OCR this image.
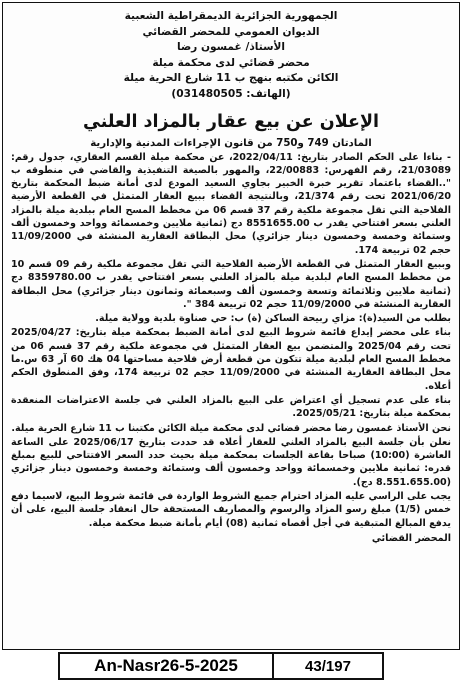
الجمهورية الجزائرية الديمقراطية الشعبية
الديوان العمومي للمحضر القضائي
الأستاذ/ غمسون رضا
محضر قضائي لدى محكمة ميلة
الكائن مكتبه بنهج ب 11 شارع الحرية ميلة
(الهاتف: 031480505)
الإعلان عن بيع عقار بالمزاد العلني
المادتان 749 و750 من قانون الإجراءات المدنية والإدارية

- بناءا على الحكم الصادر بتاريخ: 2022/04/11، عن محكمة ميلة القسم العقاري، جدول رقم: 21/03089، رقم الفهرس: 22/00883، والمهور بالصيغة التنفيذية والقاضي في منطوقه ب "..القضاء باعتماد تقرير خبرة الخبير بجاوي السعيد المودع لدى أمانة ضبط المحكمة بتاريخ 2021/06/20 تحت رقم 21/374، وبالنتيجة القضاء ببيع العقار المتمثل في القطعة الأرضية الفلاحية التي تقل مجموعة ملكية رقم 37 قسم 06 من مخطط المسح العام ببلدية ميلة بالمزاد العلني بسعر افتتاحي يقدر ب 8551655.00 دج (ثمانية ملايين وخمسمائة وواحد وخمسون ألف وستمائة وخمسة وخمسون دينار جزائري) محل البطاقة العقارية المنشئة في 11/09/2000 حجم 02 تربيعة 174.

وببيع العقار المتمثل في القطعة الأرضية الفلاحية التي تقل مجموعة ملكية رقم 09 قسم 10 من مخطط المسح العام لبلدية ميلة بالمزاد العلني بسعر افتتاحي يقدر ب 8359780.00 دج (ثمانية ملايين وثلاثمائة وتسعة وخمسون ألف وسبعمائة وثمانون دينار جزائري) محل البطاقة العقارية المنشئة في 11/09/2000 حجم 02 تربيعة 384 ".

بطلب من السيد(ة): مزاي ربيحة الساكن (ة) ب: حي صناوة بلدية وولاية ميلة.

بناء على محضر إيداع قائمة شروط البيع لدى أمانة الضبط بمحكمة ميلة بتاريخ: 2025/04/27 تحت رقم 2025/04 والمتضمن بيع العقار المتمثل في مجموعة ملكية رقم 37 قسم 06 من مخطط المسح العام لبلدية ميلة تتكون من قطعة أرض فلاحية مساحتها 04 هك 60 آر 63 س.ما محل البطاقة العقارية المنشئة في 11/09/2000 حجم 02 تربيعة 174، وفق المنطوق الحكم أعلاه.

بناء على عدم تسجيل أي اعتراض على البيع بالمزاد العلني في جلسة الاعتراضات المنعقدة بمحكمة ميلة بتاريخ: 2025/05/21.

نحن الأستاذ غمسون رضا محضر قضائي لدى محكمة ميلة الكائن مكتبنا ب 11 شارع الحرية ميلة.

نعلن بأن جلسة البيع بالمزاد العلني للعقار أعلاه قد حددت بتاريخ 2025/06/17 على الساعة العاشرة (10:00) صباحا بقاعة الجلسات بمحكمة ميلة بحيث حدد السعر الافتتاحي للبيع بمبلغ قدره: ثمانية ملايين وخمسمائة وواحد وخمسون ألف وستمائة وخمسة وخمسون دينار جزائري (8.551.655.00 دج).

يجب على الراسي عليه المزاد احترام جميع الشروط الواردة في قائمة شروط البيع، لاسيما دفع خمس (1/5) مبلغ رسو المزاد والرسوم والمصاريف المستحقة حال انعقاد جلسة البيع، على أن يدفع المبالغ المتبقية في أجل أقصاه ثمانية (08) أيام بأمانة ضبط محكمة ميلة.

المحضر القضائي
An-Nasr26-5-2025	43/197
